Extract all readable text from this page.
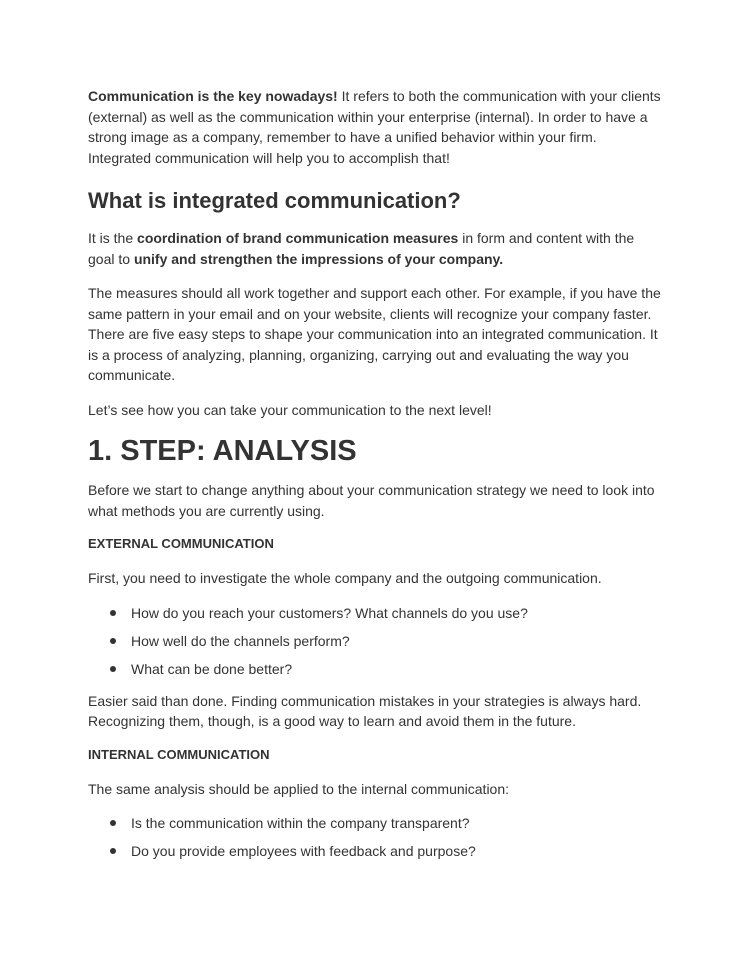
Communication is the key nowadays! It refers to both the communication with your clients (external) as well as the communication within your enterprise (internal). In order to have a strong image as a company, remember to have a unified behavior within your firm. Integrated communication will help you to accomplish that!

What is integrated communication?

It is the coordination of brand communication measures in form and content with the goal to unify and strengthen the impressions of your company.

The measures should all work together and support each other. For example, if you have the same pattern in your email and on your website, clients will recognize your company faster. There are five easy steps to shape your communication into an integrated communication. It is a process of analyzing, planning, organizing, carrying out and evaluating the way you communicate.

Let’s see how you can take your communication to the next level!

1. STEP: ANALYSIS

Before we start to change anything about your communication strategy we need to look into what methods you are currently using.

EXTERNAL COMMUNICATION

First, you need to investigate the whole company and the outgoing communication.

How do you reach your customers? What channels do you use?
How well do the channels perform?
What can be done better?

Easier said than done. Finding communication mistakes in your strategies is always hard. Recognizing them, though, is a good way to learn and avoid them in the future.

INTERNAL COMMUNICATION

The same analysis should be applied to the internal communication:

Is the communication within the company transparent?
Do you provide employees with feedback and purpose?
